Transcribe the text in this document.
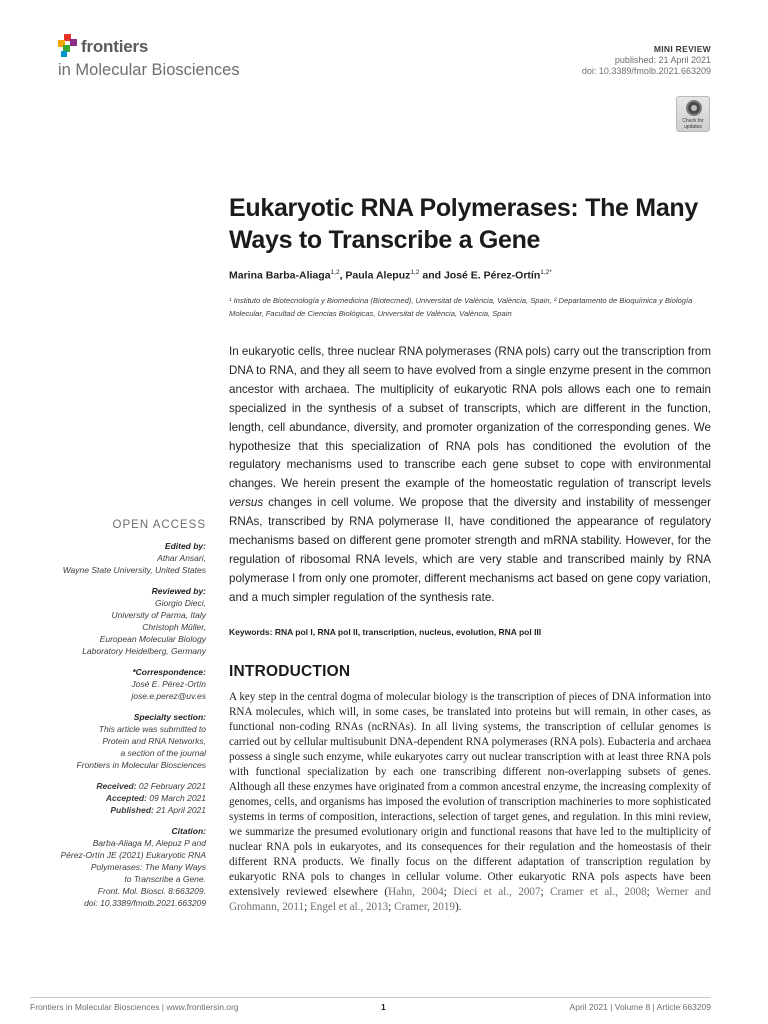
frontiers
in Molecular Biosciences
MINI REVIEW
published: 21 April 2021
doi: 10.3389/fmolb.2021.663209
Check for updates
Eukaryotic RNA Polymerases: The Many Ways to Transcribe a Gene
Marina Barba-Aliaga$^{1,2}$, Paula Alepuz$^{1,2}$ and José E. Pérez-Ortín$^{1,2*}$
¹ Instituto de Biotecnología y Biomedicina (Biotecmed), Universitat de València, València, Spain, ² Departamento de Bioquímica y Biología Molecular, Facultad de Ciencias Biológicas, Universitat de València, València, Spain
In eukaryotic cells, three nuclear RNA polymerases (RNA pols) carry out the transcription from DNA to RNA, and they all seem to have evolved from a single enzyme present in the common ancestor with archaea. The multiplicity of eukaryotic RNA pols allows each one to remain specialized in the synthesis of a subset of transcripts, which are different in the function, length, cell abundance, diversity, and promoter organization of the corresponding genes. We hypothesize that this specialization of RNA pols has conditioned the evolution of the regulatory mechanisms used to transcribe each gene subset to cope with environmental changes. We herein present the example of the homeostatic regulation of transcript levels versus changes in cell volume. We propose that the diversity and instability of messenger RNAs, transcribed by RNA polymerase II, have conditioned the appearance of regulatory mechanisms based on different gene promoter strength and mRNA stability. However, for the regulation of ribosomal RNA levels, which are very stable and transcribed mainly by RNA polymerase I from only one promoter, different mechanisms act based on gene copy variation, and a much simpler regulation of the synthesis rate.
Keywords: RNA pol I, RNA pol II, transcription, nucleus, evolution, RNA pol III
INTRODUCTION
A key step in the central dogma of molecular biology is the transcription of pieces of DNA information into RNA molecules, which will, in some cases, be translated into proteins but will remain, in other cases, as functional non-coding RNAs (ncRNAs). In all living systems, the transcription of cellular genomes is carried out by cellular multisubunit DNA-dependent RNA polymerases (RNA pols). Eubacteria and archaea possess a single such enzyme, while eukaryotes carry out nuclear transcription with at least three RNA pols with functional specialization by each one transcribing different non-overlapping subsets of genes. Although all these enzymes have originated from a common ancestral enzyme, the increasing complexity of genomes, cells, and organisms has imposed the evolution of transcription machineries to more sophisticated systems in terms of composition, interactions, selection of target genes, and regulation. In this mini review, we summarize the presumed evolutionary origin and functional reasons that have led to the multiplicity of nuclear RNA pols in eukaryotes, and its consequences for their regulation and the homeostasis of their different RNA products. We finally focus on the different adaptation of transcription regulation by eukaryotic RNA pols to changes in cellular volume. Other eukaryotic RNA pols aspects have been extensively reviewed elsewhere (Hahn, 2004; Dieci et al., 2007; Cramer et al., 2008; Werner and Grohmann, 2011; Engel et al., 2013; Cramer, 2019).
OPEN ACCESS
Edited by:
Athar Ansari,
Wayne State University, United States
Reviewed by:
Giorgio Dieci,
University of Parma, Italy
Christoph Müller,
European Molecular Biology
Laboratory Heidelberg, Germany
*Correspondence:
José E. Pérez-Ortín
jose.e.perez@uv.es
Specialty section:
This article was submitted to
Protein and RNA Networks,
a section of the journal
Frontiers in Molecular Biosciences
Received: 02 February 2021
Accepted: 09 March 2021
Published: 21 April 2021
Citation:
Barba-Aliaga M, Alepuz P and
Pérez-Ortín JE (2021) Eukaryotic RNA
Polymerases: The Many Ways
to Transcribe a Gene.
Front. Mol. Biosci. 8:663209.
doi: 10.3389/fmolb.2021.663209
Frontiers in Molecular Biosciences | www.frontiersin.org	1	April 2021 | Volume 8 | Article 663209
